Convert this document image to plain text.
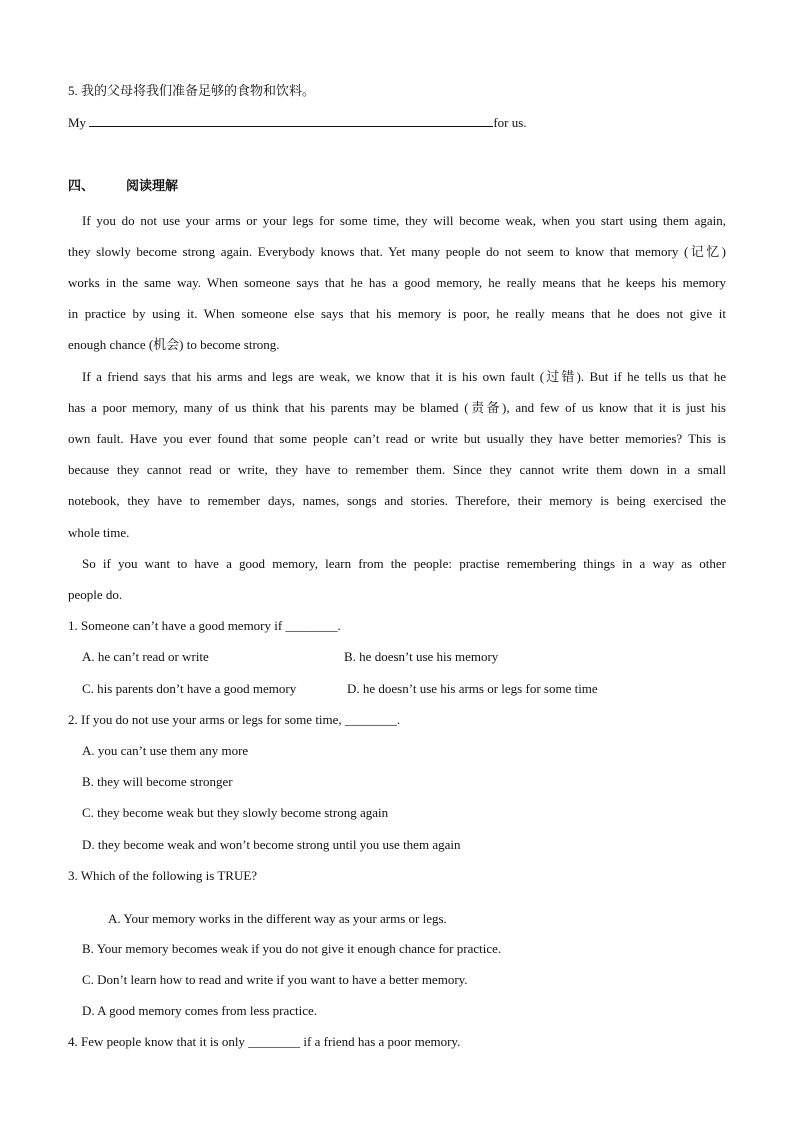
5. 我的父母将我们准备足够的食物和饮料。
My	for us.
四、 阅读理解
If you do not use your arms or your legs for some time, they will become weak, when you start using them again,
they slowly become strong again. Everybody knows that. Yet many people do not seem to know that memory (记忆)
works in the same way. When someone says that he has a good memory, he really means that he keeps his memory
in practice by using it. When someone else says that his memory is poor, he really means that he does not give it
enough chance (机会) to become strong.
If a friend says that his arms and legs are weak, we know that it is his own fault (过错). But if he tells us that he
has a poor memory, many of us think that his parents may be blamed (责备), and few of us know that it is just his
own fault. Have you ever found that some people can’t read or write but usually they have better memories? This is
because they cannot read or write, they have to remember them. Since they cannot write them down in a small
notebook, they have to remember days, names, songs and stories. Therefore, their memory is being exercised the
whole time.
So if you want to have a good memory, learn from the people: practise remembering things in a way as other
people do.
1. Someone can’t have a good memory if ________.
A. he can’t read or write	B. he doesn’t use his memory
C. his parents don’t have a good memory	D. he doesn’t use his arms or legs for some time
2. If you do not use your arms or legs for some time, ________.
A. you can’t use them any more
B. they will become stronger
C. they become weak but they slowly become strong again
D. they become weak and won’t become strong until you use them again
3. Which of the following is TRUE?
A. Your memory works in the different way as your arms or legs.
B. Your memory becomes weak if you do not give it enough chance for practice.
C. Don’t learn how to read and write if you want to have a better memory.
D. A good memory comes from less practice.
4. Few people know that it is only ________ if a friend has a poor memory.
